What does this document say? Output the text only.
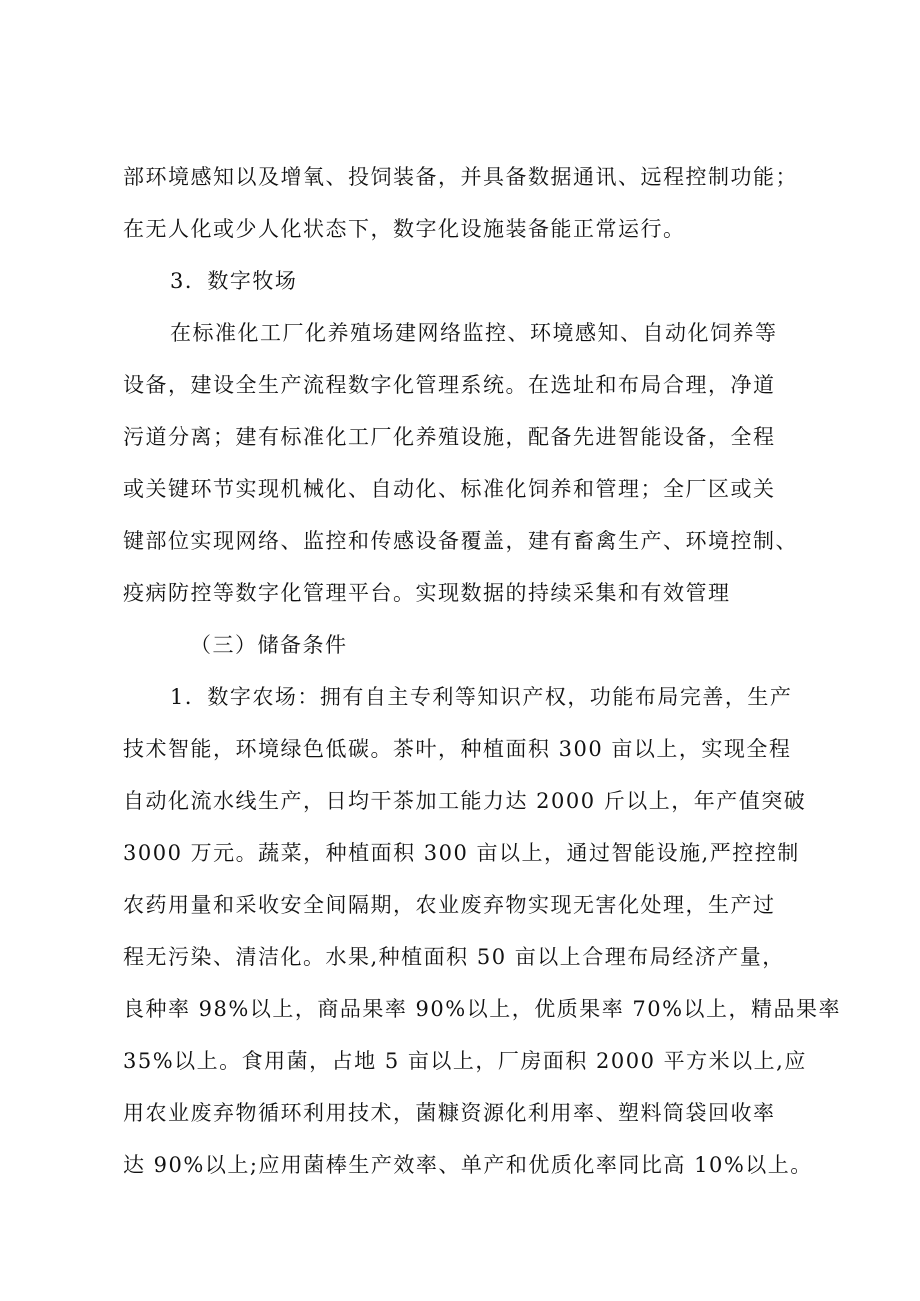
部环境感知以及增氧、投饲装备，并具备数据通讯、远程控制功能；
在无人化或少人化状态下，数字化设施装备能正常运行。
3．数字牧场
在标准化工厂化养殖场建网络监控、环境感知、自动化饲养等
设备，建设全生产流程数字化管理系统。在选址和布局合理，净道
污道分离；建有标准化工厂化养殖设施，配备先进智能设备，全程
或关键环节实现机械化、自动化、标准化饲养和管理；全厂区或关
键部位实现网络、监控和传感设备覆盖，建有畜禽生产、环境控制、
疫病防控等数字化管理平台。实现数据的持续采集和有效管理
（三）储备条件
1．数字农场：拥有自主专利等知识产权，功能布局完善，生产
技术智能，环境绿色低碳。茶叶，种植面积 300 亩以上，实现全程
自动化流水线生产，日均干茶加工能力达 2000 斤以上，年产值突破
3000 万元。蔬菜，种植面积 300 亩以上，通过智能设施,严控控制
农药用量和采收安全间隔期，农业废弃物实现无害化处理，生产过
程无污染、清洁化。水果,种植面积 50 亩以上合理布局经济产量，
良种率 98%以上，商品果率 90%以上，优质果率 70%以上，精品果率
35%以上。食用菌，占地 5 亩以上，厂房面积 2000 平方米以上,应
用农业废弃物循环利用技术，菌糠资源化利用率、塑料筒袋回收率
达 90%以上;应用菌棒生产效率、单产和优质化率同比高 10%以上。
